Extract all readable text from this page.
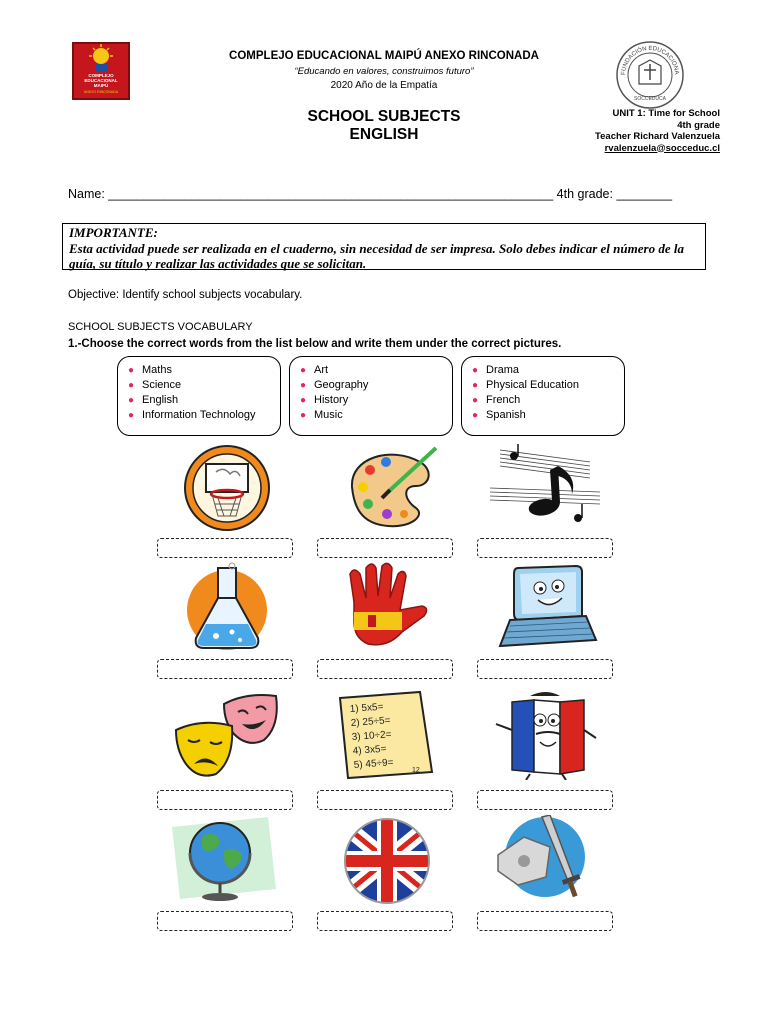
COMPLEJO
EDUCACIONAL
MAIPÚ
ANEXO RINCONADA
FUNDACIÓN EDUCACIONA
SOCCEDUCA
COMPLEJO EDUCACIONAL MAIPÚ ANEXO RINCONADA
“Educando en valores, construimos futuro”
2020 Año de la Empatía
SCHOOL SUBJECTS
ENGLISH
UNIT 1: Time for School
4th grade
Teacher Richard Valenzuela
rvalenzuela@socceduc.cl
Name: ________________________________________________________________ 4th grade: ________
IMPORTANTE:
Esta actividad puede ser realizada en el cuaderno, sin necesidad de ser impresa. Solo debes indicar el número de la guía, su título y realizar las actividades que se solicitan.
Objective: Identify school subjects vocabulary.
SCHOOL SUBJECTS VOCABULARY
1.-Choose the correct words from the list below and write them under the correct pictures.
● Maths
● Science
● English
● Information Technology
● Art
● Geography
● History
● Music
● Drama
● Physical Education
● French
● Spanish
1) 5x5=
2) 25÷5=
3) 10÷2=
4) 3x5=
5) 45÷9=	12
